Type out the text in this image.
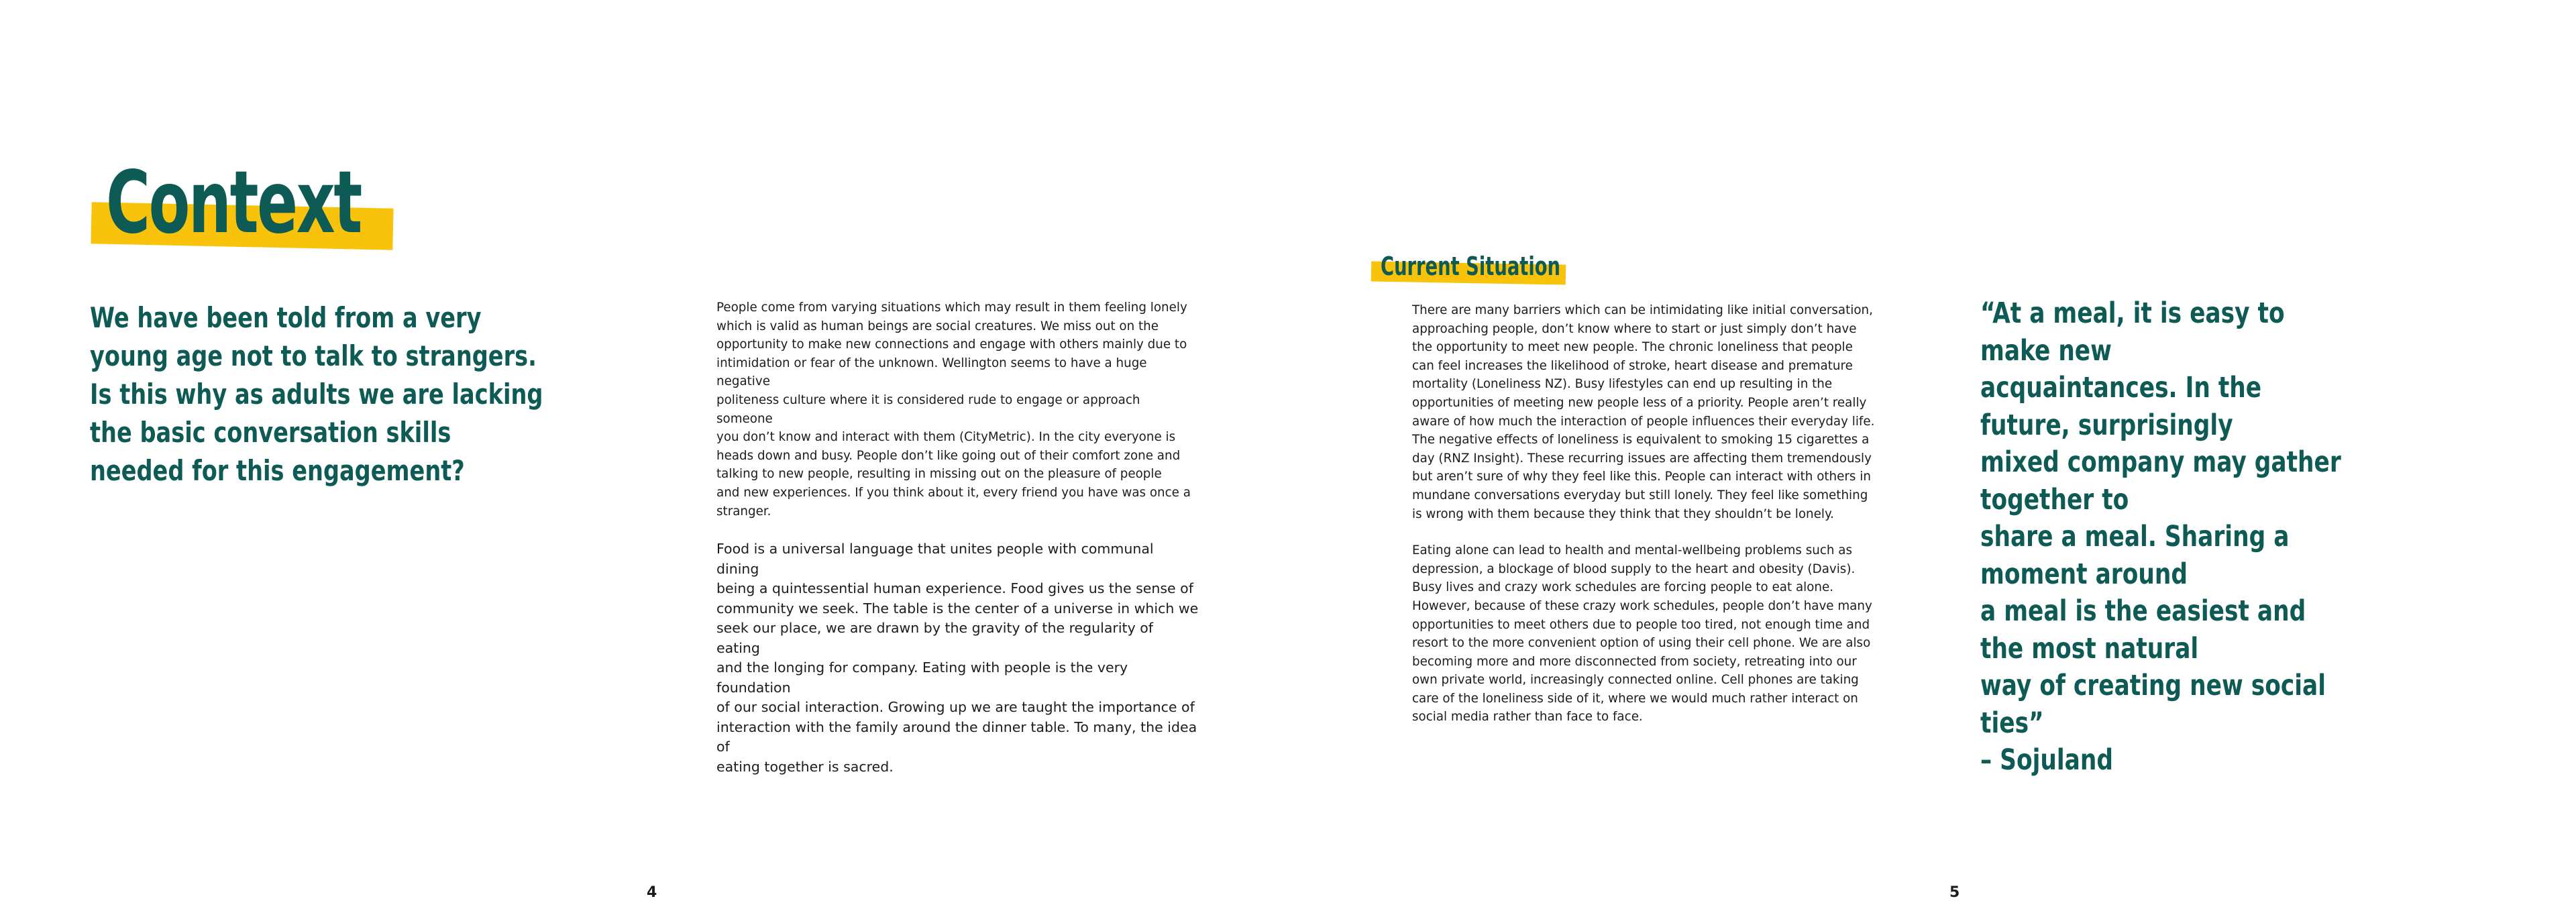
Context
We have been told from a very young age not to talk to strangers. Is this why as adults we are lacking the basic conversation skills needed for this engagement?
People come from varying situations which may result in them feeling lonely
which is valid as human beings are social creatures. We miss out on the
opportunity to make new connections and engage with others mainly due to
intimidation or fear of the unknown. Wellington seems to have a huge negative
politeness culture where it is considered rude to engage or approach someone
you don’t know and interact with them (CityMetric). In the city everyone is
heads down and busy. People don’t like going out of their comfort zone and
talking to new people, resulting in missing out on the pleasure of people
and new experiences. If you think about it, every friend you have was once a
stranger.
Food is a universal language that unites people with communal dining
being a quintessential human experience. Food gives us the sense of
community we seek. The table is the center of a universe in which we
seek our place, we are drawn by the gravity of the regularity of eating
and the longing for company. Eating with people is the very foundation
of our social interaction. Growing up we are taught the importance of
interaction with the family around the dinner table. To many, the idea of
eating together is sacred.
4
Current Situation
There are many barriers which can be intimidating like initial conversation,
approaching people, don’t know where to start or just simply don’t have
the opportunity to meet new people. The chronic loneliness that people
can feel increases the likelihood of stroke, heart disease and premature
mortality (Loneliness NZ). Busy lifestyles can end up resulting in the
opportunities of meeting new people less of a priority. People aren’t really
aware of how much the interaction of people influences their everyday life.
The negative effects of loneliness is equivalent to smoking 15 cigarettes a
day (RNZ Insight). These recurring issues are affecting them tremendously
but aren’t sure of why they feel like this. People can interact with others in
mundane conversations everyday but still lonely. They feel like something
is wrong with them because they think that they shouldn’t be lonely.
Eating alone can lead to health and mental-wellbeing problems such as
depression, a blockage of blood supply to the heart and obesity (Davis).
Busy lives and crazy work schedules are forcing people to eat alone.
However, because of these crazy work schedules, people don’t have many
opportunities to meet others due to people too tired, not enough time and
resort to the more convenient option of using their cell phone. We are also
becoming more and more disconnected from society, retreating into our
own private world, increasingly connected online. Cell phones are taking
care of the loneliness side of it, where we would much rather interact on
social media rather than face to face.
“At a meal, it is easy to make new
acquaintances. In the future, surprisingly
mixed company may gather together to
share a meal. Sharing a moment around
a meal is the easiest and the most natural
way of creating new social ties”
– Sojuland
5
